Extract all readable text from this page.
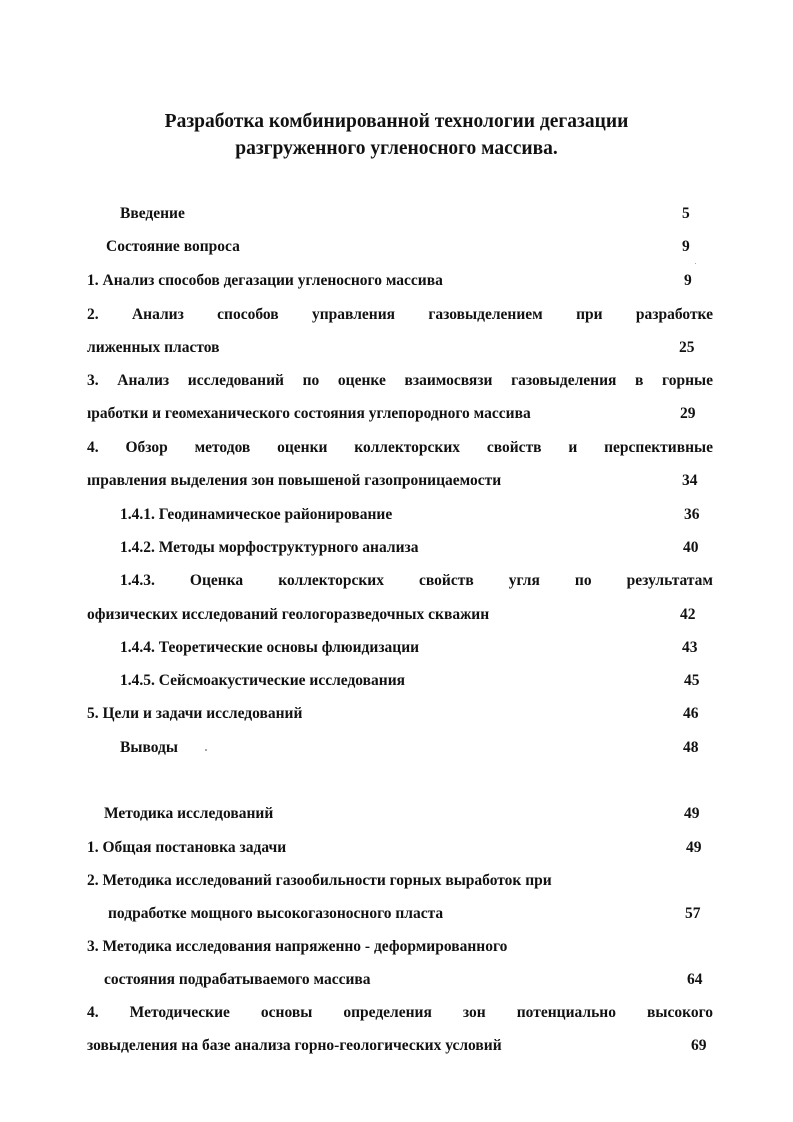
Разработка комбинированной технологии дегазации
разгруженного угленосного массива.
Введение	5
Состояние вопроса	9
1. Анализ способов дегазации угленосного массива	9
2. Анализ способов управления газовыделением при разработке
лиженных пластов	25
3. Анализ исследований по оценке взаимосвязи газовыделения в горные
ıработки и геомеханического состояния углепородного массива	29
4. Обзор методов оценки коллекторских свойств и перспективные
ıправления выделения зон повышеной газопроницаемости	34
1.4.1. Геодинамическое районирование	36
1.4.2. Методы морфоструктурного анализа	40
1.4.3. Оценка коллекторских свойств угля по результатам
офизических исследований геологоразведочных скважин	42
1.4.4. Теоретические основы флюидизации	43
1.4.5. Сейсмоакустические исследования	45
5. Цели и задачи исследований	46
Выводы	48
Методика исследований	49
1. Общая постановка задачи	49
2. Методика исследований газообильности горных выработок при
подработке мощного высокогазоносного пласта	57
3. Методика исследования напряженно - деформированного
состояния подрабатываемого массива	64
4. Методические основы определения зон потенциально высокого
зовыделения на базе анализа горно-геологических условий	69
